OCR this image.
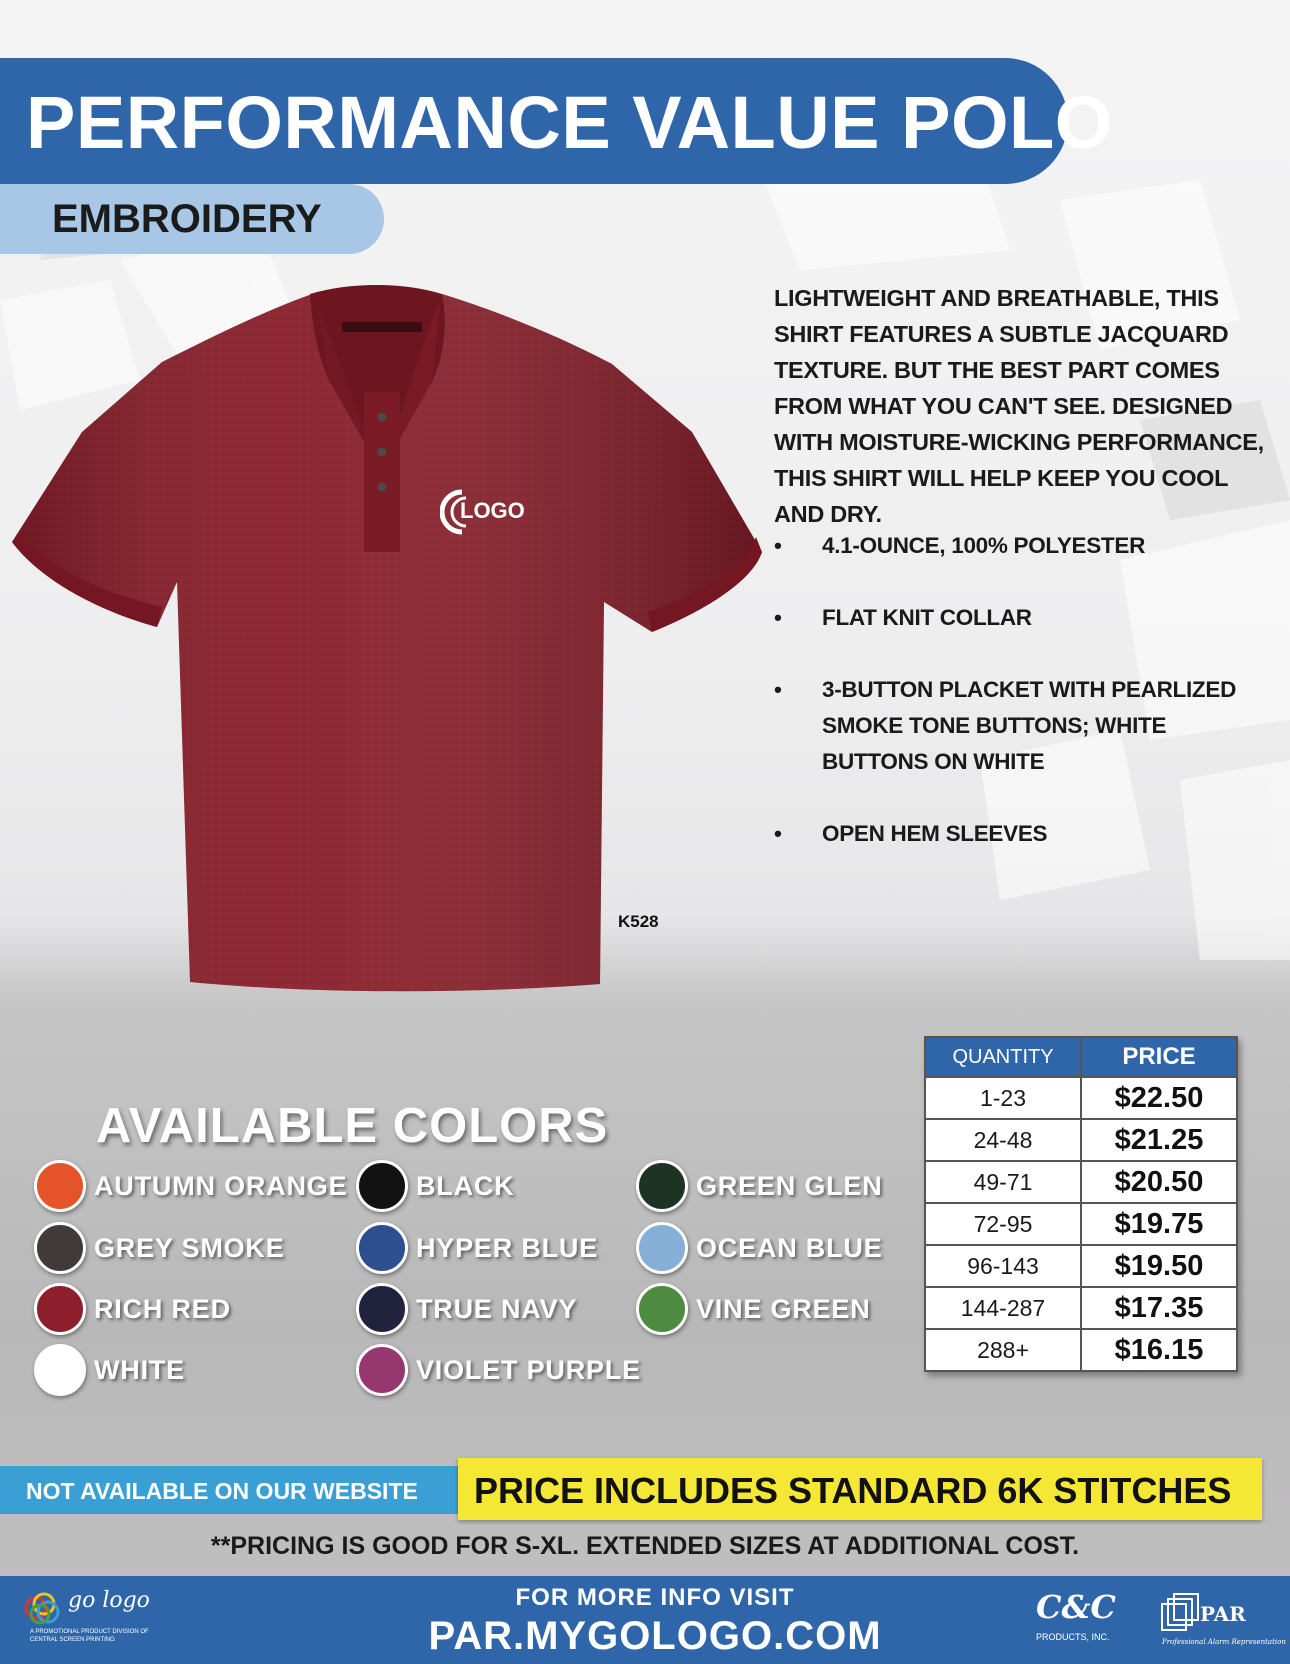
PERFORMANCE VALUE POLO
EMBROIDERY
LOGO
K528

LIGHTWEIGHT AND BREATHABLE, THIS SHIRT FEATURES A SUBTLE JACQUARD TEXTURE. BUT THE BEST PART COMES FROM WHAT YOU CAN'T SEE. DESIGNED WITH MOISTURE-WICKING PERFORMANCE, THIS SHIRT WILL HELP KEEP YOU COOL AND DRY.

• 4.1-OUNCE, 100% POLYESTER
• FLAT KNIT COLLAR
• 3-BUTTON PLACKET WITH PEARLIZED SMOKE TONE BUTTONS; WHITE BUTTONS ON WHITE
• OPEN HEM SLEEVES
QUANTITY	PRICE
1-23	$22.50
24-48	$21.25
49-71	$20.50
72-95	$19.75
96-143	$19.50
144-287	$17.35
288+	$16.15
AVAILABLE COLORS
AUTUMN ORANGE
GREY SMOKE
RICH RED
WHITE
BLACK
HYPER BLUE
TRUE NAVY
VIOLET PURPLE
GREEN GLEN
OCEAN BLUE
VINE GREEN
NOT AVAILABLE ON OUR WEBSITE PRICE INCLUDES STANDARD 6K STITCHES
**PRICING IS GOOD FOR S-XL. EXTENDED SIZES AT ADDITIONAL COST.
go logo
A PROMOTIONAL PRODUCT DIVISION OF CENTRAL SCREEN PRINTING
FOR MORE INFO VISIT
PAR.MYGOLOGO.COM
C&C
PRODUCTS, INC.
PAR
Professional Alarm Representation
